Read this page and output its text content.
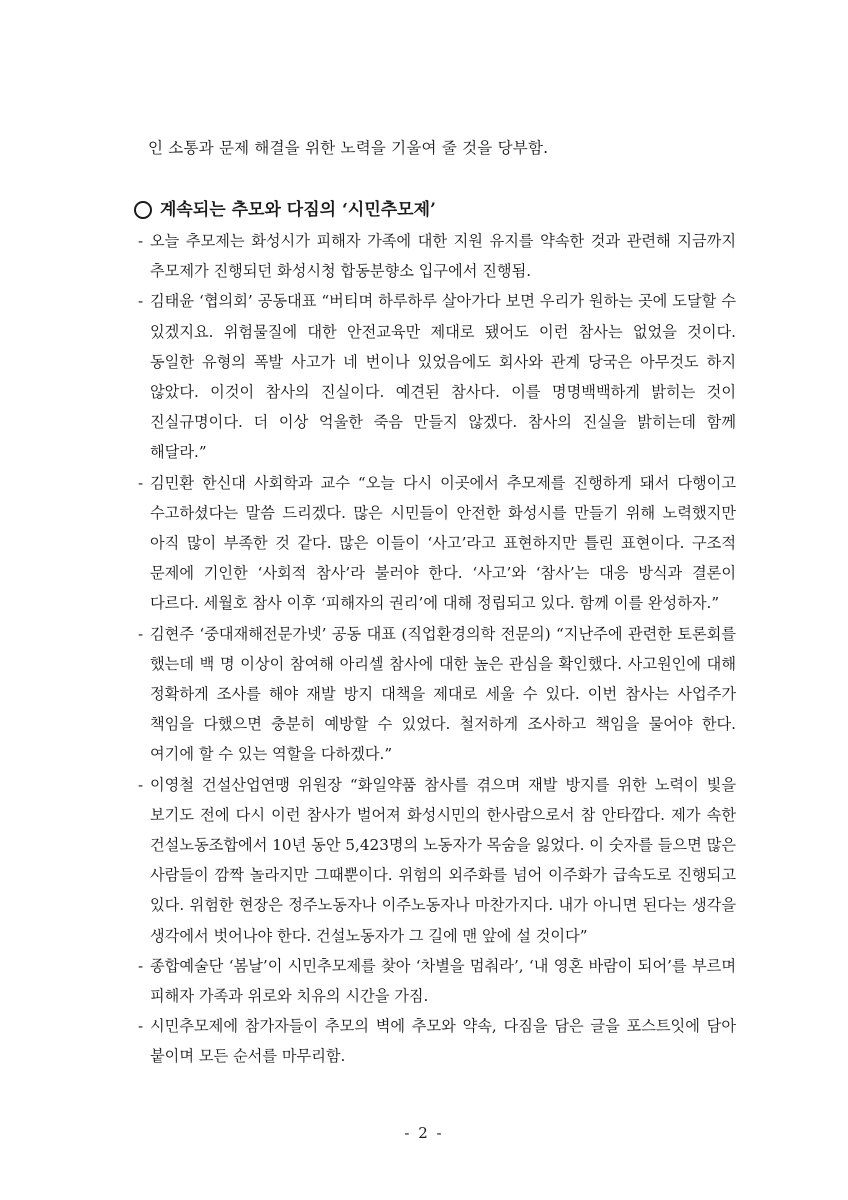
인 소통과 문제 해결을 위한 노력을 기울여 줄 것을 당부함.
계속되는 추모와 다짐의 ‘시민추모제’
- 오늘 추모제는 화성시가 피해자 가족에 대한 지원 유지를 약속한 것과 관련해 지금까지 추모제가 진행되던 화성시청 합동분향소 입구에서 진행됨.
- 김태윤 ‘협의회’ 공동대표 “버티며 하루하루 살아가다 보면 우리가 원하는 곳에 도달할 수 있겠지요. 위험물질에 대한 안전교육만 제대로 됐어도 이런 참사는 없었을 것이다. 동일한 유형의 폭발 사고가 네 번이나 있었음에도 회사와 관계 당국은 아무것도 하지 않았다. 이것이 참사의 진실이다. 예견된 참사다. 이를 명명백백하게 밝히는 것이 진실규명이다. 더 이상 억울한 죽음 만들지 않겠다. 참사의 진실을 밝히는데 함께 해달라.”
- 김민환 한신대 사회학과 교수 “오늘 다시 이곳에서 추모제를 진행하게 돼서 다행이고 수고하셨다는 말씀 드리겠다. 많은 시민들이 안전한 화성시를 만들기 위해 노력했지만 아직 많이 부족한 것 같다. 많은 이들이 ‘사고’라고 표현하지만 틀린 표현이다. 구조적 문제에 기인한 ‘사회적 참사’라 불러야 한다. ‘사고’와 ‘참사’는 대응 방식과 결론이 다르다. 세월호 참사 이후 ‘피해자의 권리’에 대해 정립되고 있다. 함께 이를 완성하자.”
- 김현주 ‘중대재해전문가넷’ 공동 대표 (직업환경의학 전문의) “지난주에 관련한 토론회를 했는데 백 명 이상이 참여해 아리셀 참사에 대한 높은 관심을 확인했다. 사고원인에 대해 정확하게 조사를 해야 재발 방지 대책을 제대로 세울 수 있다. 이번 참사는 사업주가 책임을 다했으면 충분히 예방할 수 있었다. 철저하게 조사하고 책임을 물어야 한다. 여기에 할 수 있는 역할을 다하겠다.”
- 이영철 건설산업연맹 위원장 “화일약품 참사를 겪으며 재발 방지를 위한 노력이 빛을 보기도 전에 다시 이런 참사가 벌어져 화성시민의 한사람으로서 참 안타깝다. 제가 속한 건설노동조합에서 10년 동안 5,423명의 노동자가 목숨을 잃었다. 이 숫자를 들으면 많은 사람들이 깜짝 놀라지만 그때뿐이다. 위험의 외주화를 넘어 이주화가 급속도로 진행되고 있다. 위험한 현장은 정주노동자나 이주노동자나 마찬가지다. 내가 아니면 된다는 생각을 생각에서 벗어나야 한다. 건설노동자가 그 길에 맨 앞에 설 것이다”
- 종합예술단 ‘봄날’이 시민추모제를 찾아 ‘차별을 멈춰라’, ‘내 영혼 바람이 되어’를 부르며 피해자 가족과 위로와 치유의 시간을 가짐.
- 시민추모제에 참가자들이 추모의 벽에 추모와 약속, 다짐을 담은 글을 포스트잇에 담아 붙이며 모든 순서를 마무리함.
- 2 -
